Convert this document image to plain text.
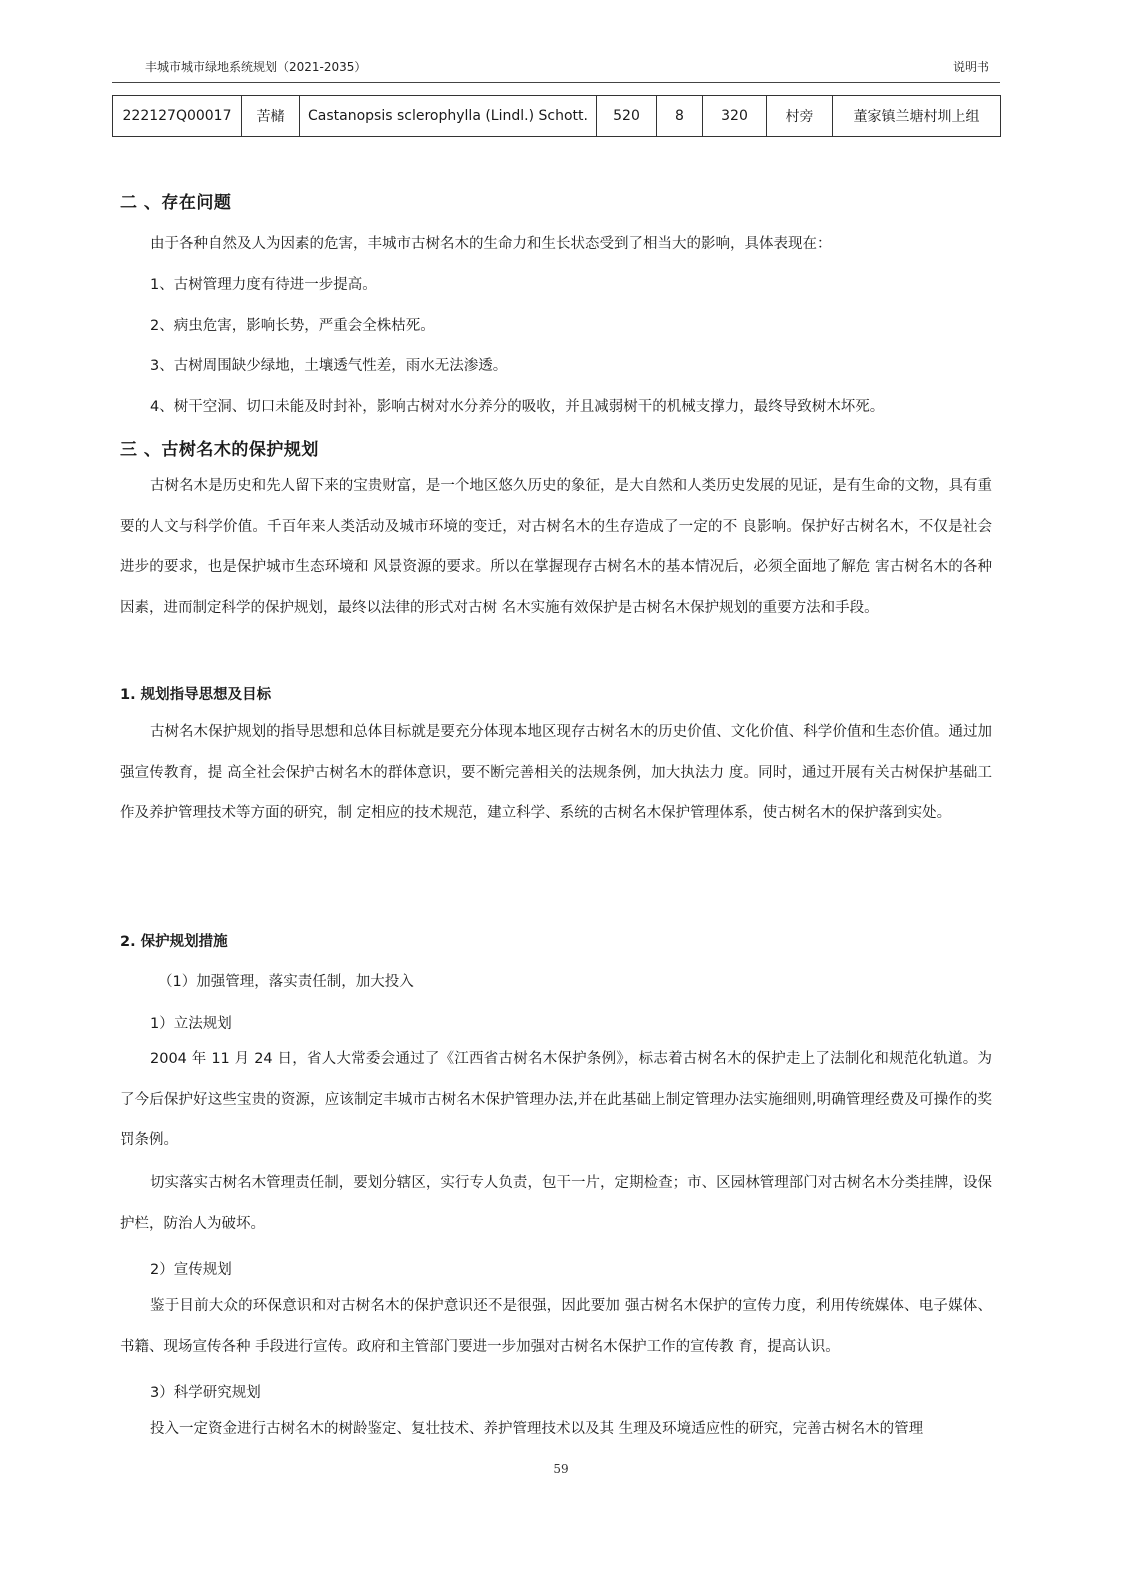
丰城市城市绿地系统规划（2021-2035）	说明书
222127Q00017	苦槠	Castanopsis sclerophylla (Lindl.) Schott.	520	8	320	村旁	董家镇兰塘村圳上组
二 、存在问题
由于各种自然及人为因素的危害，丰城市古树名木的生命力和生长状态受到了相当大的影响，具体表现在：
1、古树管理力度有待进一步提高。
2、病虫危害，影响长势，严重会全株枯死。
3、古树周围缺少绿地，土壤透气性差，雨水无法渗透。
4、树干空洞、切口未能及时封补，影响古树对水分养分的吸收，并且减弱树干的机械支撑力，最终导致树木坏死。
三 、古树名木的保护规划

古树名木是历史和先人留下来的宝贵财富，是一个地区悠久历史的象征，是大自然和人类历史发展的见证，是有生命的文物，具有重要的人文与科学价值。千百年来人类活动及城市环境的变迁，对古树名木的生存造成了一定的不 良影响。保护好古树名木，不仅是社会进步的要求，也是保护城市生态环境和 风景资源的要求。所以在掌握现存古树名木的基本情况后，必须全面地了解危 害古树名木的各种因素，进而制定科学的保护规划，最终以法律的形式对古树 名木实施有效保护是古树名木保护规划的重要方法和手段。

1. 规划指导思想及目标

古树名木保护规划的指导思想和总体目标就是要充分体现本地区现存古树名木的历史价值、文化价值、科学价值和生态价值。通过加强宣传教育，提 高全社会保护古树名木的群体意识，要不断完善相关的法规条例，加大执法力 度。同时，通过开展有关古树保护基础工作及养护管理技术等方面的研究，制 定相应的技术规范，建立科学、系统的古树名木保护管理体系，使古树名木的保护落到实处。

2. 保护规划措施
（1）加强管理，落实责任制，加大投入
1）立法规划

2004 年 11 月 24 日，省人大常委会通过了《江西省古树名木保护条例》，标志着古树名木的保护走上了法制化和规范化轨道。为了今后保护好这些宝贵的资源，应该制定丰城市古树名木保护管理办法,并在此基础上制定管理办法实施细则,明确管理经费及可操作的奖罚条例。

切实落实古树名木管理责任制，要划分辖区，实行专人负责，包干一片，定期检查；市、区园林管理部门对古树名木分类挂牌，设保护栏，防治人为破坏。

2）宣传规划

鉴于目前大众的环保意识和对古树名木的保护意识还不是很强，因此要加 强古树名木保护的宣传力度，利用传统媒体、电子媒体、书籍、现场宣传各种 手段进行宣传。政府和主管部门要进一步加强对古树名木保护工作的宣传教 育，提高认识。

3）科学研究规划

投入一定资金进行古树名木的树龄鉴定、复壮技术、养护管理技术以及其 生理及环境适应性的研究，完善古树名木的管理

59
